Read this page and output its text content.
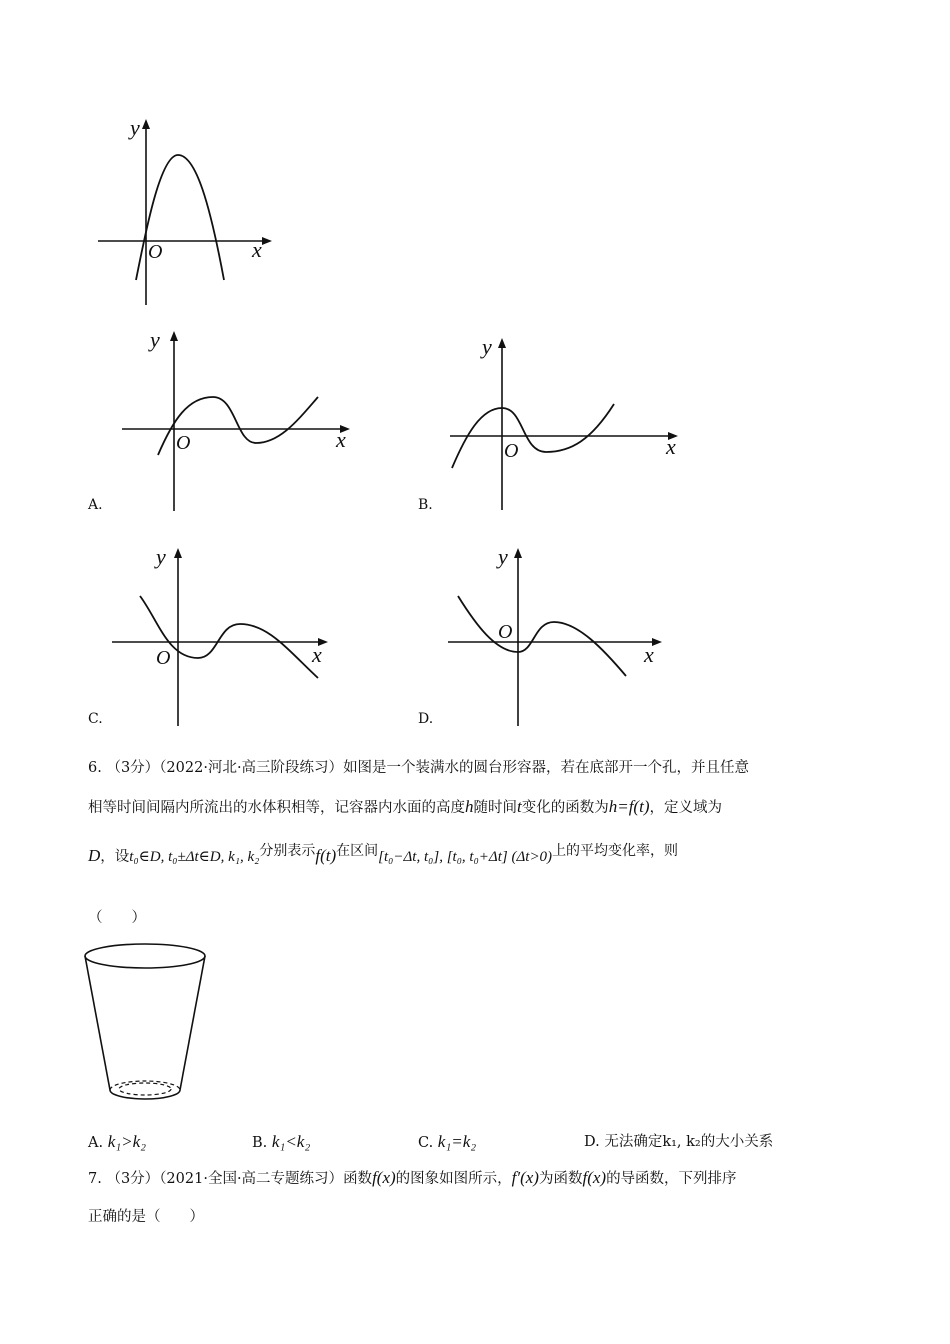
y
x
O
y
x
O
A.
y
x
O
B.
y
x
O
C.
y
x
O
D.
6. （3分）（2022·河北·高三阶段练习）如图是一个装满水的圆台形容器，若在底部开一个孔，并且任意
相等时间间隔内所流出的水体积相等，记容器内水面的高度h随时间t变化的函数为h=f(t)，定义域为
D，设t₀∈D, t₀±Δt∈D, k₁, k₂分别表示f(t)在区间[t₀−Δt, t₀], [t₀, t₀+Δt] (Δt>0)上的平均变化率，则
（　　）
A. k₁>k₂	B. k₁<k₂	C. k₁=k₂	D. 无法确定k₁, k₂的大小关系
7. （3分）（2021·全国·高二专题练习）函数f(x)的图象如图所示，f′(x)为函数f(x)的导函数，下列排序
正确的是（　　）
